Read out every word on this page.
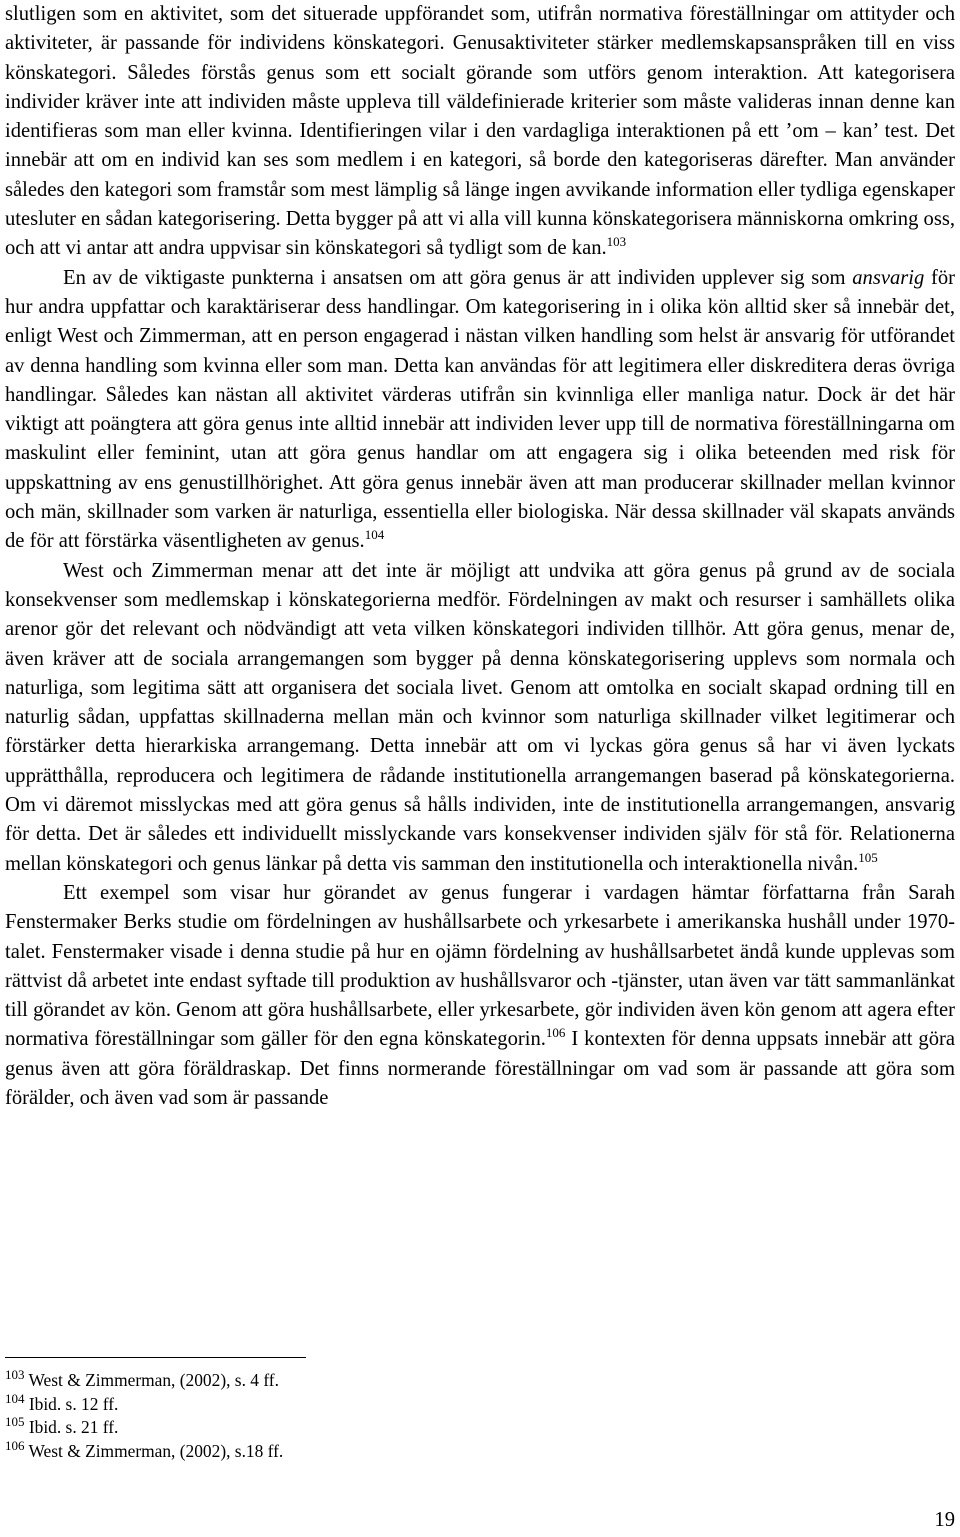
slutligen som en aktivitet, som det situerade uppförandet som, utifrån normativa föreställningar om attityder och aktiviteter, är passande för individens könskategori. Genusaktiviteter stärker medlemskapsanspråken till en viss könskategori. Således förstås genus som ett socialt görande som utförs genom interaktion. Att kategorisera individer kräver inte att individen måste uppleva till väldefinierade kriterier som måste valideras innan denne kan identifieras som man eller kvinna. Identifieringen vilar i den vardagliga interaktionen på ett ’om – kan’ test. Det innebär att om en individ kan ses som medlem i en kategori, så borde den kategoriseras därefter. Man använder således den kategori som framstår som mest lämplig så länge ingen avvikande information eller tydliga egenskaper utesluter en sådan kategorisering. Detta bygger på att vi alla vill kunna könskategorisera människorna omkring oss, och att vi antar att andra uppvisar sin könskategori så tydligt som de kan.$^{103}$

En av de viktigaste punkterna i ansatsen om att göra genus är att individen upplever sig som ansvarig för hur andra uppfattar och karaktäriserar dess handlingar. Om kategorisering in i olika kön alltid sker så innebär det, enligt West och Zimmerman, att en person engagerad i nästan vilken handling som helst är ansvarig för utförandet av denna handling som kvinna eller som man. Detta kan användas för att legitimera eller diskreditera deras övriga handlingar. Således kan nästan all aktivitet värderas utifrån sin kvinnliga eller manliga natur. Dock är det här viktigt att poängtera att göra genus inte alltid innebär att individen lever upp till de normativa föreställningarna om maskulint eller feminint, utan att göra genus handlar om att engagera sig i olika beteenden med risk för uppskattning av ens genustillhörighet. Att göra genus innebär även att man producerar skillnader mellan kvinnor och män, skillnader som varken är naturliga, essentiella eller biologiska. När dessa skillnader väl skapats används de för att förstärka väsentligheten av genus.$^{104}$

West och Zimmerman menar att det inte är möjligt att undvika att göra genus på grund av de sociala konsekvenser som medlemskap i könskategorierna medför. Fördelningen av makt och resurser i samhällets olika arenor gör det relevant och nödvändigt att veta vilken könskategori individen tillhör. Att göra genus, menar de, även kräver att de sociala arrangemangen som bygger på denna könskategorisering upplevs som normala och naturliga, som legitima sätt att organisera det sociala livet. Genom att omtolka en socialt skapad ordning till en naturlig sådan, uppfattas skillnaderna mellan män och kvinnor som naturliga skillnader vilket legitimerar och förstärker detta hierarkiska arrangemang. Detta innebär att om vi lyckas göra genus så har vi även lyckats upprätthålla, reproducera och legitimera de rådande institutionella arrangemangen baserad på könskategorierna. Om vi däremot misslyckas med att göra genus så hålls individen, inte de institutionella arrangemangen, ansvarig för detta. Det är således ett individuellt misslyckande vars konsekvenser individen själv för stå för. Relationerna mellan könskategori och genus länkar på detta vis samman den institutionella och interaktionella nivån.$^{105}$

Ett exempel som visar hur görandet av genus fungerar i vardagen hämtar författarna från Sarah Fenstermaker Berks studie om fördelningen av hushållsarbete och yrkesarbete i amerikanska hushåll under 1970-talet. Fenstermaker visade i denna studie på hur en ojämn fördelning av hushållsarbetet ändå kunde upplevas som rättvist då arbetet inte endast syftade till produktion av hushållsvaror och -tjänster, utan även var tätt sammanlänkat till görandet av kön. Genom att göra hushållsarbete, eller yrkesarbete, gör individen även kön genom att agera efter normativa föreställningar som gäller för den egna könskategorin.$^{106}$ I kontexten för denna uppsats innebär att göra genus även att göra föräldraskap. Det finns normerande föreställningar om vad som är passande att göra som förälder, och även vad som är passande

$^{103}$ West & Zimmerman, (2002), s. 4 ff.

$^{104}$ Ibid. s. 12 ff.

$^{105}$ Ibid. s. 21 ff.

$^{106}$ West & Zimmerman, (2002), s.18 ff.

19
